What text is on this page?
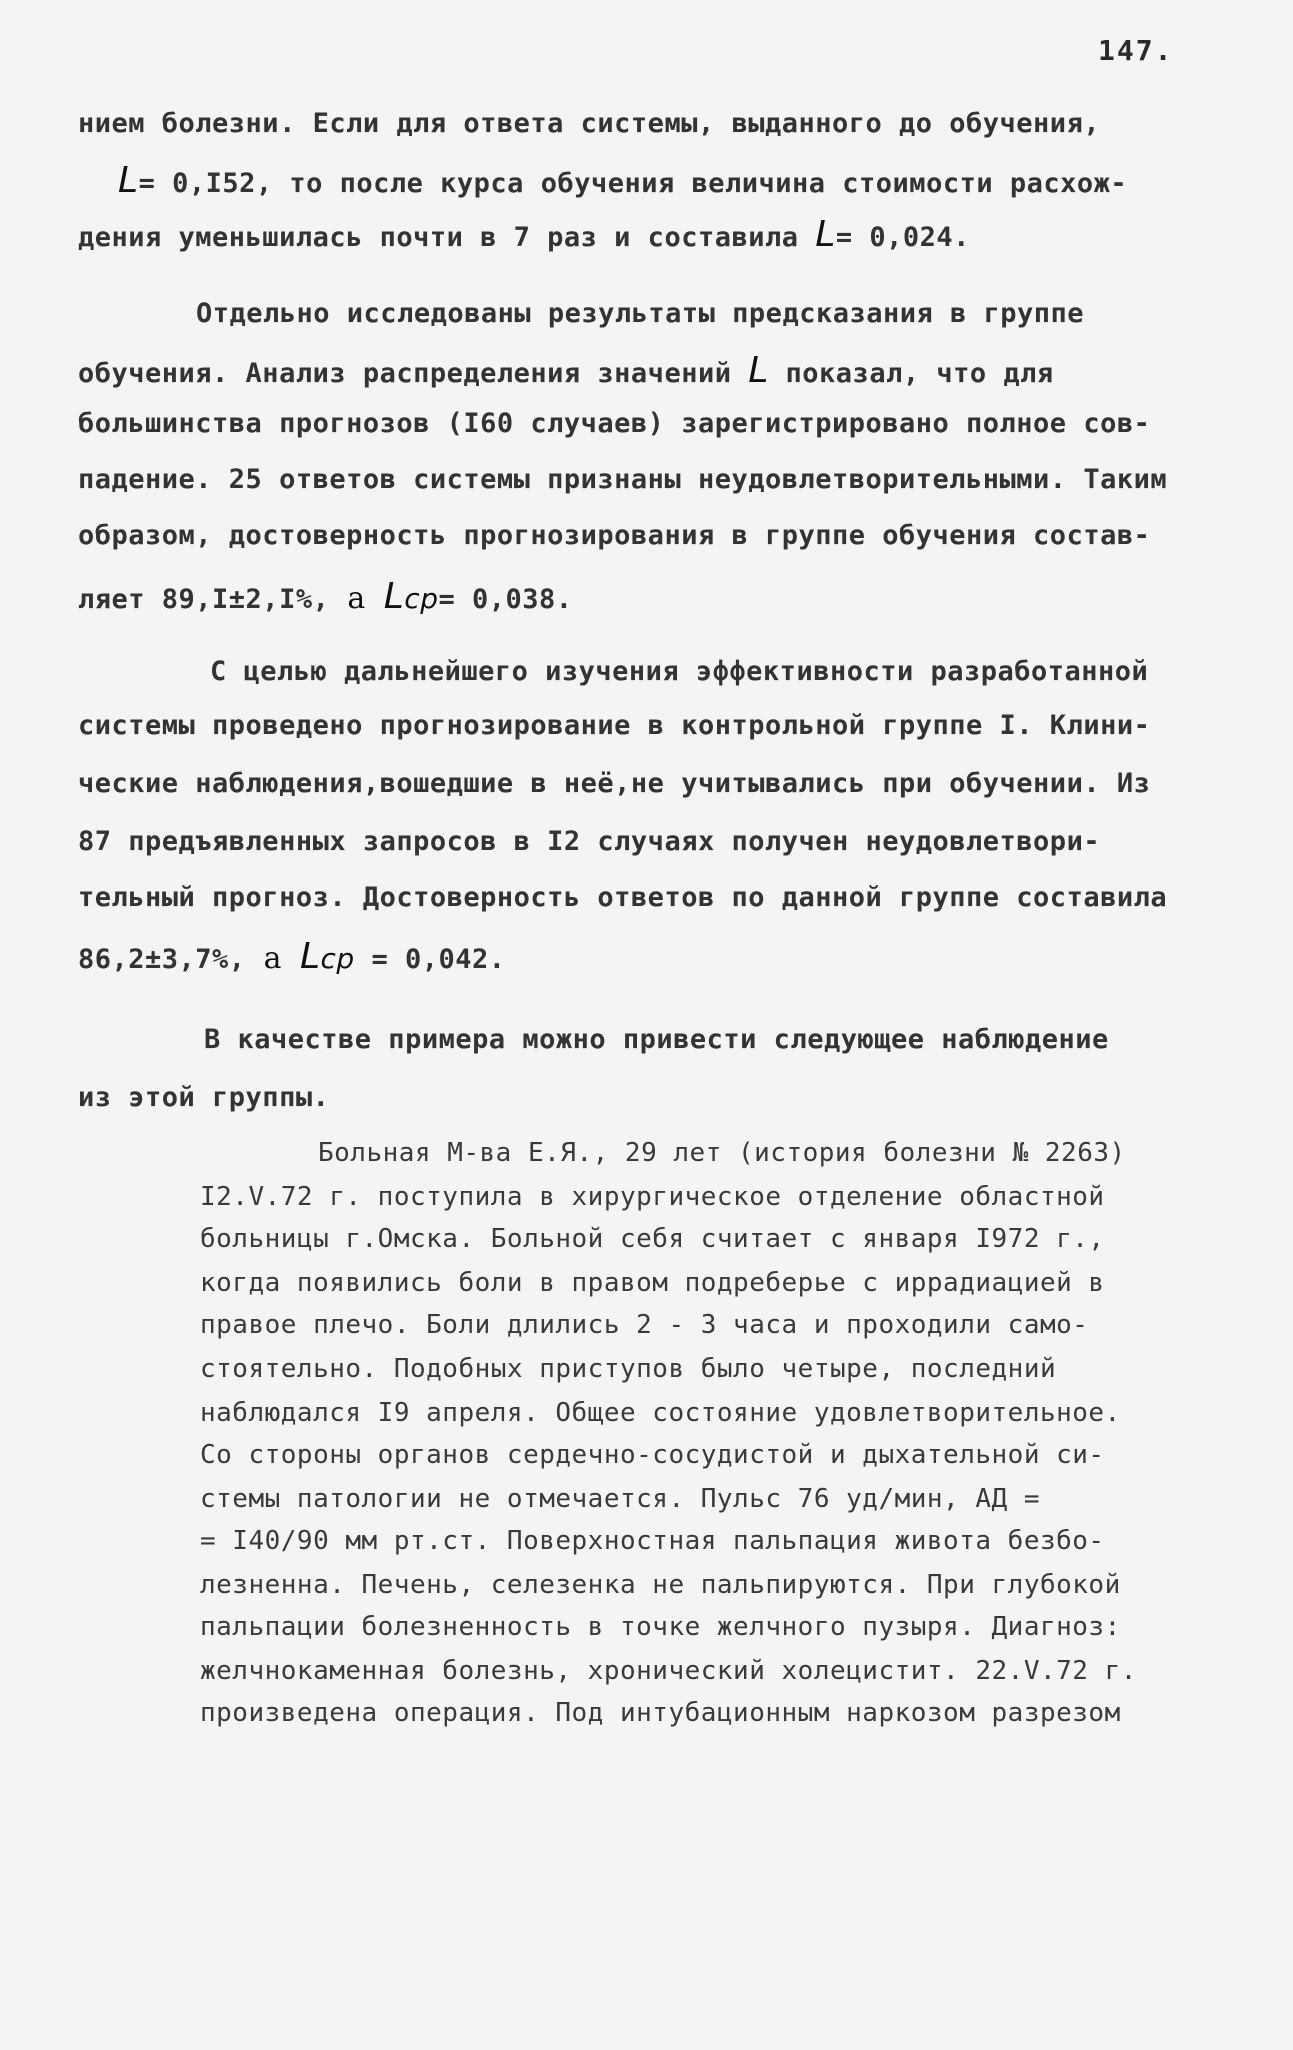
147.
нием болезни. Если для ответа системы, выданного до обучения,
L= 0,I52, то после курса обучения величина стоимости расхож-
дения уменьшилась почти в 7 раз и составила L= 0,024.
Отдельно исследованы результаты предсказания в группе
обучения. Анализ распределения значений L показал, что для
большинства прогнозов (I60 случаев) зарегистрировано полное сов-
падение. 25 ответов системы признаны неудовлетворительными. Таким
образом, достоверность прогнозирования в группе обучения состав-
ляет 89,I±2,I%, а Lср= 0,038.
С целью дальнейшего изучения эффективности разработанной
системы проведено прогнозирование в контрольной группе I. Клини-
ческие наблюдения,вошедшие в неё,не учитывались при обучении. Из
87 предъявленных запросов в I2 случаях получен неудовлетвори-
тельный прогноз. Достоверность ответов по данной группе составила
86,2±3,7%, а Lср = 0,042.
В качестве примера можно привести следующее наблюдение
из этой группы.
Больная М-ва Е.Я., 29 лет (история болезни № 2263)
I2.V.72 г. поступила в хирургическое отделение областной
больницы г.Омска. Больной себя считает с января I972 г.,
когда появились боли в правом подреберье с иррадиацией в
правое плечо. Боли длились 2 - 3 часа и проходили само-
стоятельно. Подобных приступов было четыре, последний
наблюдался I9 апреля. Общее состояние удовлетворительное.
Со стороны органов сердечно-сосудистой и дыхательной си-
стемы патологии не отмечается. Пульс 76 уд/мин, АД =
= I40/90 мм рт.ст. Поверхностная пальпация живота безбо-
лезненна. Печень, селезенка не пальпируются. При глубокой
пальпации болезненность в точке желчного пузыря. Диагноз:
желчнокаменная болезнь, хронический холецистит. 22.V.72 г.
произведена операция. Под интубационным наркозом разрезом
